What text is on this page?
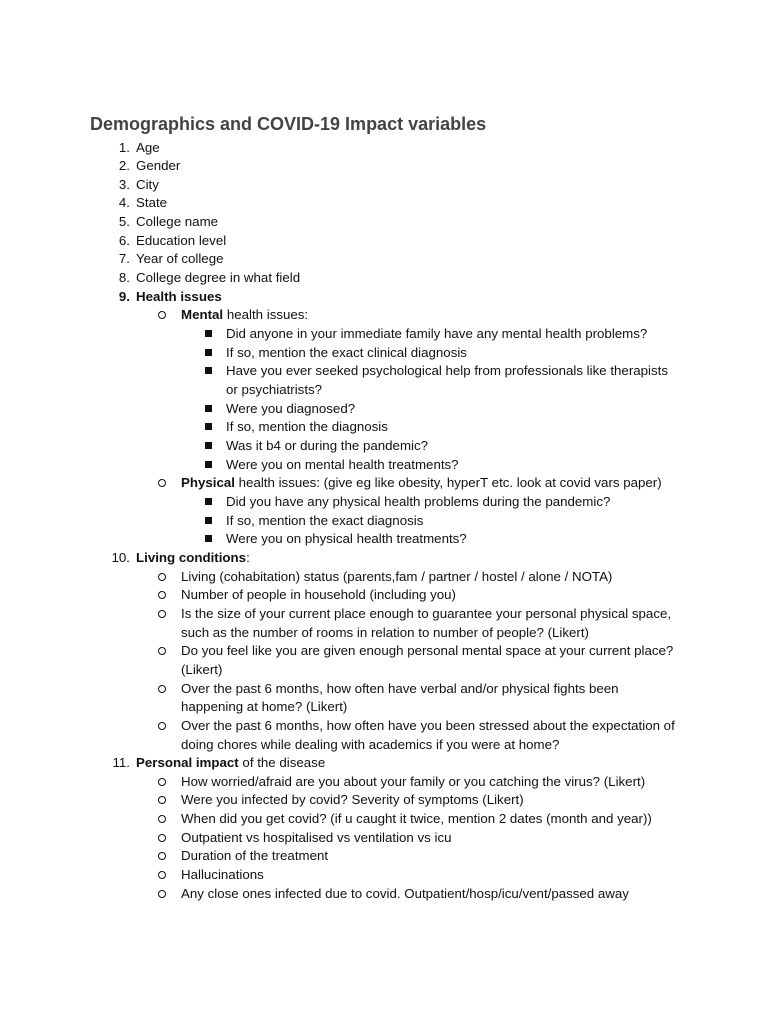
Demographics and COVID-19 Impact variables
1. Age
2. Gender
3. City
4. State
5. College name
6. Education level
7. Year of college
8. College degree in what field
9. Health issues
Mental health issues:
Did anyone in your immediate family have any mental health problems?
If so, mention the exact clinical diagnosis
Have you ever seeked psychological help from professionals like therapists or psychiatrists?
Were you diagnosed?
If so, mention the diagnosis
Was it b4 or during the pandemic?
Were you on mental health treatments?
Physical health issues: (give eg like obesity, hyperT etc. look at covid vars paper)
Did you have any physical health problems during the pandemic?
If so, mention the exact diagnosis
Were you on physical health treatments?
10. Living conditions:
Living (cohabitation) status (parents,fam / partner / hostel / alone / NOTA)
Number of people in household (including you)
Is the size of your current place enough to guarantee your personal physical space, such as the number of rooms in relation to number of people? (Likert)
Do you feel like you are given enough personal mental space at your current place? (Likert)
Over the past 6 months, how often have verbal and/or physical fights been happening at home? (Likert)
Over the past 6 months, how often have you been stressed about the expectation of doing chores while dealing with academics if you were at home?
11. Personal impact of the disease
How worried/afraid are you about your family or you catching the virus? (Likert)
Were you infected by covid? Severity of symptoms (Likert)
When did you get covid? (if u caught it twice, mention 2 dates (month and year))
Outpatient vs hospitalised vs ventilation vs icu
Duration of the treatment
Hallucinations
Any close ones infected due to covid. Outpatient/hosp/icu/vent/passed away
